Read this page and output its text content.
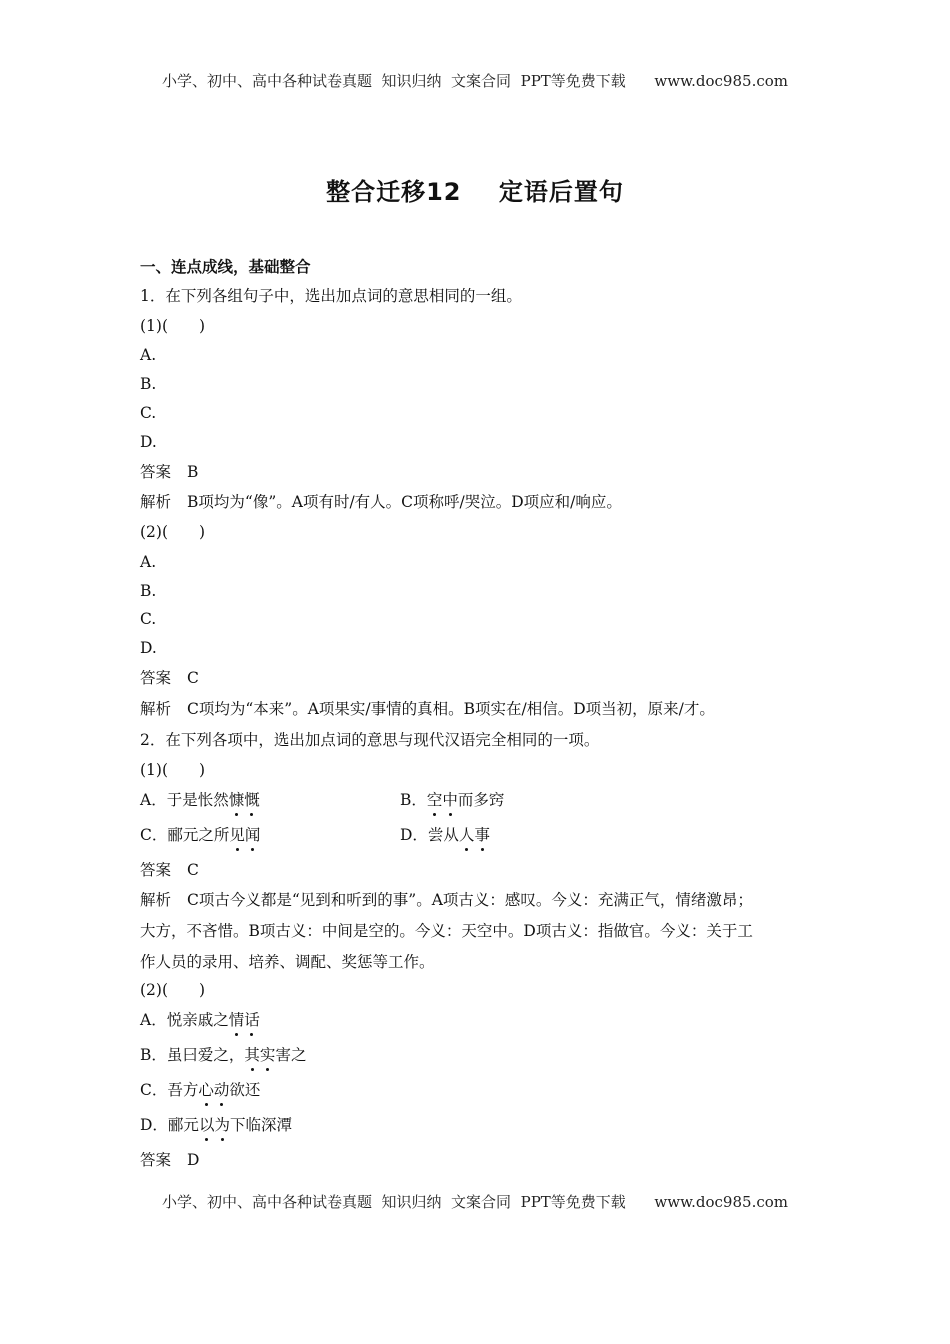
小学、初中、高中各种试卷真题  知识归纳  文案合同  PPT等免费下载      www.doc985.com
整合迁移12    定语后置句
一、连点成线，基础整合
1．在下列各组句子中，选出加点词的意思相同的一组。
(1)(　　)
A.
B.
C.
D.
答案 B
解析 B项均为“像”。A项有时/有人。C项称呼/哭泣。D项应和/响应。
(2)(　　)
A.
B.
C.
D.
答案 C
解析 C项均为“本来”。A项果实/事情的真相。B项实在/相信。D项当初，原来/才。
2．在下列各项中，选出加点词的意思与现代汉语完全相同的一项。
(1)(　　)
A．于是怅然慷慨	B．空中而多窍
C．郦元之所见闻	D．尝从人事
答案 C
解析 C项古今义都是“见到和听到的事”。A项古义：感叹。今义：充满正气，情绪激昂；
大方，不吝惜。B项古义：中间是空的。今义：天空中。D项古义：指做官。今义：关于工
作人员的录用、培养、调配、奖惩等工作。
(2)(　　)
A．悦亲戚之情话
B．虽曰爱之，其实害之
C．吾方心动欲还
D．郦元以为下临深潭
答案 D
小学、初中、高中各种试卷真题  知识归纳  文案合同  PPT等免费下载      www.doc985.com
